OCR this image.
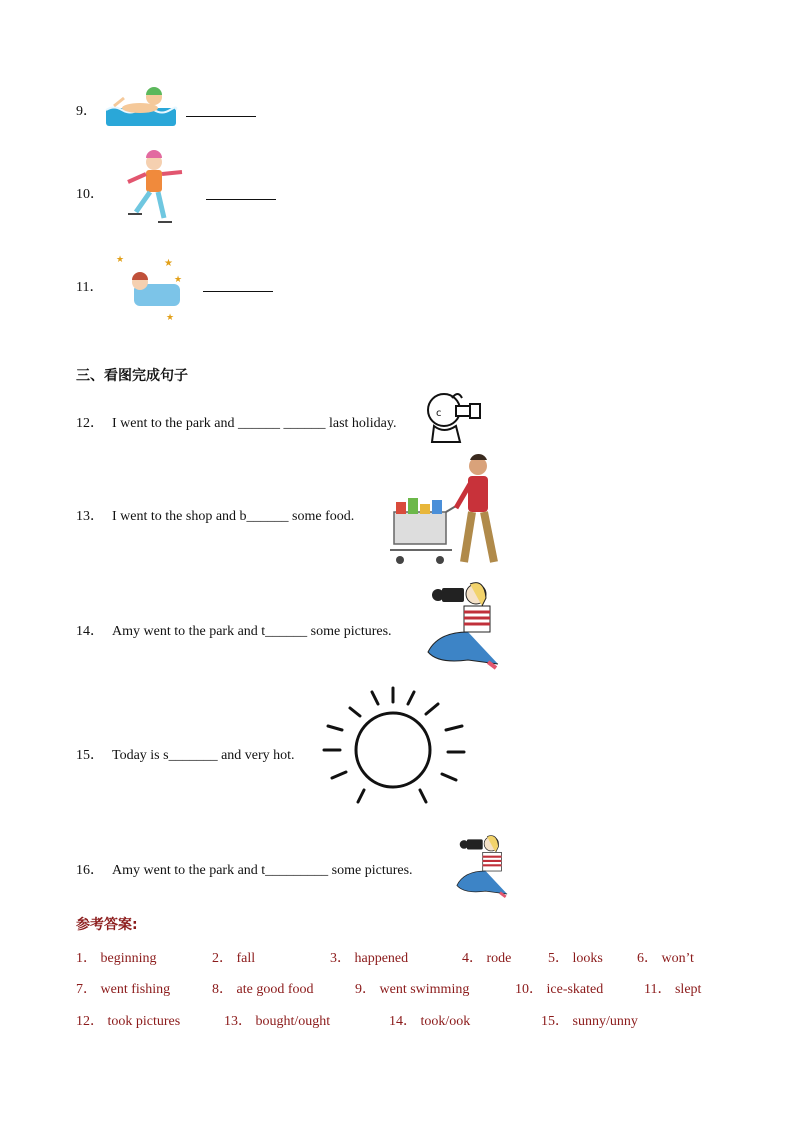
9．
10．
11．
★
★
★
★
三、看图完成句子
12． I went to the park and ______ ______ last holiday.
c
13． I went to the shop and b______ some food.
14． Amy went to the park and t______ some pictures.
15． Today is s_______ and very hot.
16． Amy went to the park and t_________ some pictures.
参考答案:
1． beginning	2． fall	3． happened	4． rode	5． looks 6． won’t
7． went fishing	8． ate good food	9． went swimming	10． ice-skated	11． slept
12． took pictures	13． bought/ought	14． took/ook	15． sunny/unny
